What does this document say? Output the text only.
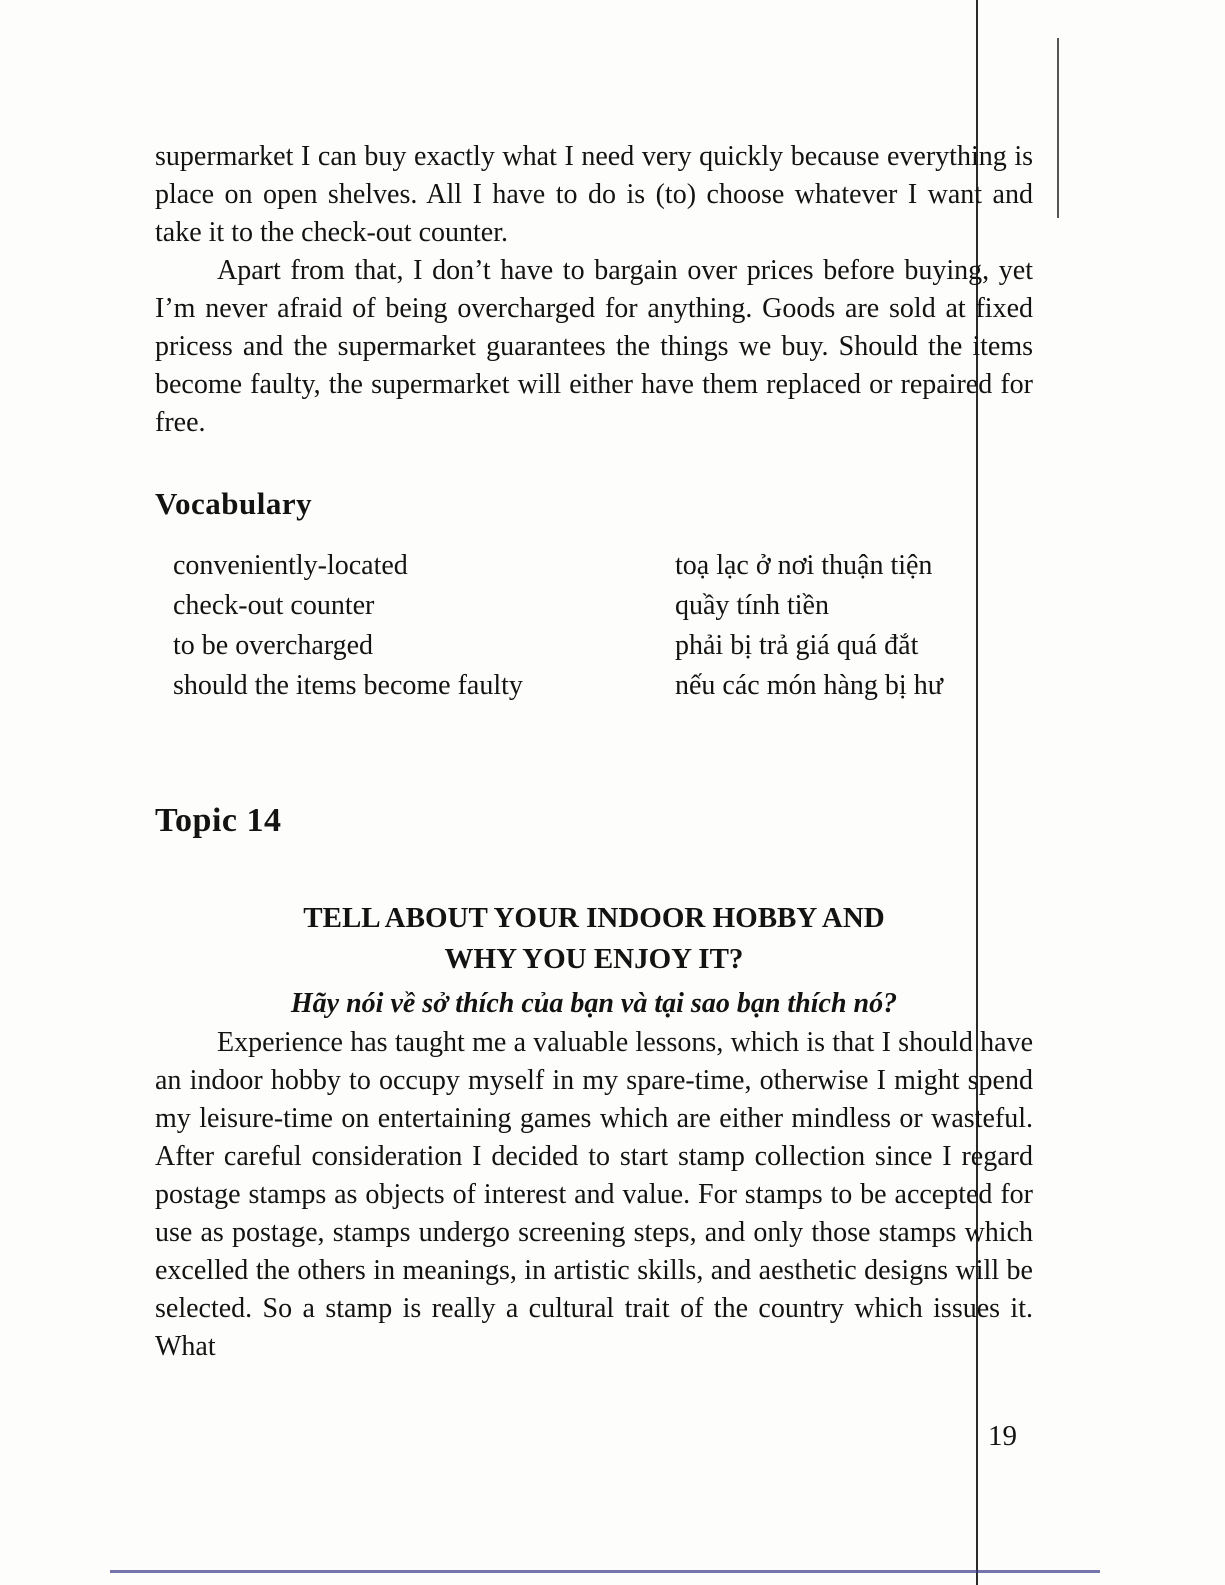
supermarket I can buy exactly what I need very quickly because everything is place on open shelves. All I have to do is (to) choose whatever I want and take it to the check-out counter.

Apart from that, I don’t have to bargain over prices before buying, yet I’m never afraid of being overcharged for anything. Goods are sold at fixed pricess and the supermarket guarantees the things we buy. Should the items become faulty, the supermarket will either have them replaced or repaired for free.

Vocabulary
conveniently-located	toạ lạc ở nơi thuận tiện
check-out counter	quầy tính tiền
to be overcharged	phải bị trả giá quá đắt
should the items become faulty	nếu các món hàng bị hư
Topic 14
TELL ABOUT YOUR INDOOR HOBBY AND
WHY YOU ENJOY IT?
Hãy nói về sở thích của bạn và tại sao bạn thích nó?

Experience has taught me a valuable lessons, which is that I should have an indoor hobby to occupy myself in my spare-time, otherwise I might spend my leisure-time on entertaining games which are either mindless or wasteful. After careful consideration I decided to start stamp collection since I regard postage stamps as objects of interest and value. For stamps to be accepted for use as postage, stamps undergo screening steps, and only those stamps which excelled the others in meanings, in artistic skills, and aesthetic designs will be selected. So a stamp is really a cultural trait of the country which issues it. What

19
